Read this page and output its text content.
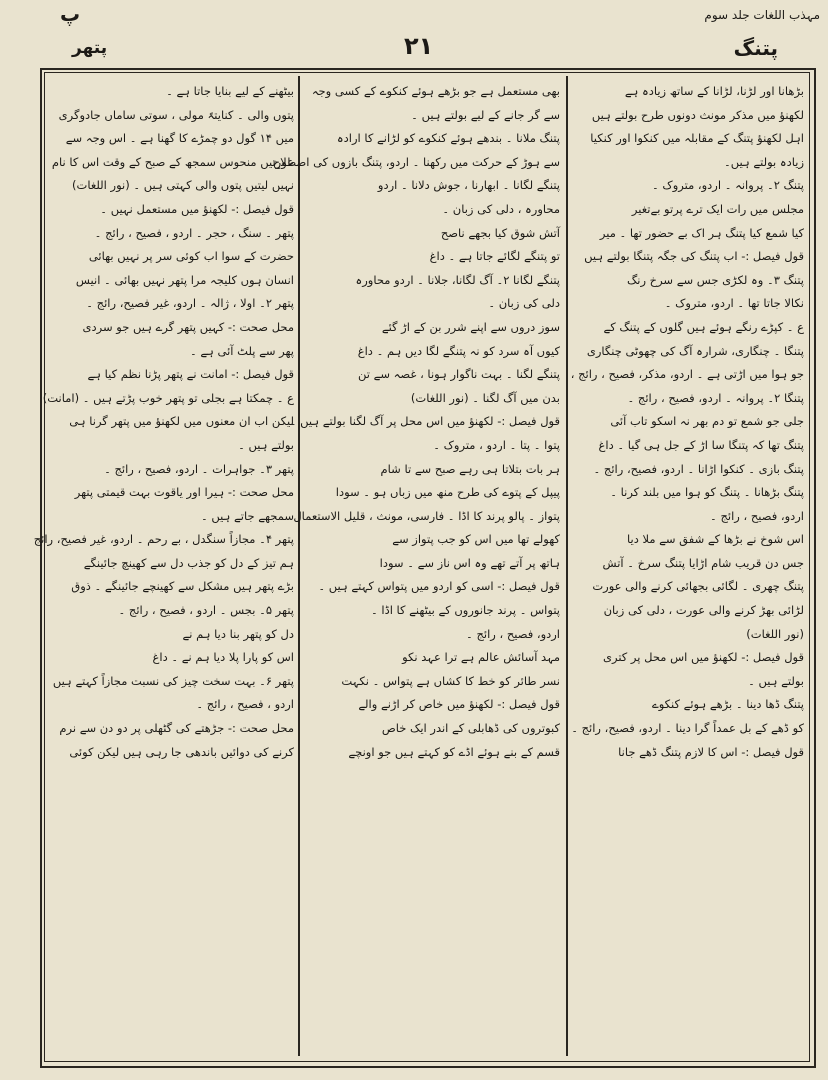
پ	مہذب اللغات جلد سوم
پتھر	۲۱	پتنگ
بڑھانا اور لڑنا، لڑانا کے ساتھ زیادہ ہے
لکھنؤ میں مذکر مونث دونوں طرح بولتے ہیں
اہل لکھنؤ پتنگ کے مقابلہ میں کنکوا اور کنکیا
زیادہ بولتے ہیں۔
پتنگ ۲۔ پروانہ ۔ اردو، متروک ۔
مجلس میں رات ایک ترے پرتو بےتغیر
کیا شمع کیا پتنگ ہر اک بے حضور تھا ۔ میر
قول فیصل :- اب پتنگ کی جگہ پتنگا بولتے ہیں
پتنگ ۳۔ وہ لکڑی جس سے سرخ رنگ
نکالا جاتا تھا ۔ اردو، متروک ۔
ع ۔ کپڑے رنگے ہوئے ہیں گلوں کے پتنگ کے
پتنگا ۔ چنگاری، شرارہ آگ کی چھوٹی چنگاری
جو ہوا میں اڑتی ہے ۔ اردو، مذکر، فصیح ، رائج ،
پتنگا ۲۔ پروانہ ۔ اردو، فصیح ، رائج ۔
جلی جو شمع تو دم بھر نہ اسکو تاب آئی
پتنگ تھا کہ پتنگا سا اڑ کے جل ہی گیا ۔ داغ
پتنگ بازی ۔ کنکوا اڑانا ۔ اردو، فصیح، رائج ۔
پتنگ بڑھانا ۔ پتنگ کو ہوا میں بلند کرنا ۔
اردو، فصیح ، رائج ۔
اس شوخ نے بڑھا کے شفق سے ملا دیا
جس دن قریب شام اڑایا پتنگ سرخ ۔ آتش
پتنگ چھری ۔ لگائی بجھائی کرنے والی عورت
لڑائی بھڑ کرنے والی عورت ، دلی کی زبان
(نور اللغات)
قول فیصل :- لکھنؤ میں اس محل پر کتری
بولتے ہیں ۔
پتنگ ڈھا دینا ۔ بڑھے ہوئے کنکوے
کو ڈھے کے بل عمداً گرا دینا ۔ اردو، فصیح، رائج ۔
قول فیصل :- اس کا لازم پتنگ ڈھے جانا
بھی مستعمل ہے جو بڑھے ہوئے کنکوے کے کسی وجہ
سے گر جانے کے لیے بولتے ہیں ۔
پتنگ ملانا ۔ بندھے ہوئے کنکوے کو لڑانے کا ارادہ
سے ہوڑ کے حرکت میں رکھنا ۔ اردو، پتنگ بازوں کی اصطلاح
پتنگے لگانا ۔ ابھارنا ، جوش دلانا ۔ اردو
محاورہ ، دلی کی زبان ۔
آتش شوق کیا بجھے ناصح
تو پتنگے لگائے جاتا ہے ۔ داغ
پتنگے لگانا ۲۔ آگ لگانا، جلانا ۔ اردو محاورہ
دلی کی زبان ۔
سوز دروں سے اپنے شرر بن کے اڑ گئے
کیوں آہ سرد کو نہ پتنگے لگا دیں ہم ۔ داغ
پتنگے لگنا ۔ بہت ناگوار ہونا ، غصہ سے تن
بدن میں آگ لگنا ۔ (نور اللغات)
قول فیصل :- لکھنؤ میں اس محل پر آگ لگنا بولتے ہیں ۔
پتوا ۔ پتا ۔ اردو ، متروک ۔
ہر بات بتلاتا ہی رہے صبح سے تا شام
پیپل کے پتوے کی طرح منھ میں زباں ہو ۔ سودا
پتواز ۔ پالو پرند کا اڈا ۔ فارسی، مونث ، قلیل الاستعمال
کھولے تھا میں اس کو جب پتواز سے
ہاتھ پر آتے تھے وہ اس ناز سے ۔ سودا
قول فیصل :- اسی کو اردو میں پتواس کہتے ہیں ۔
پتواس ۔ پرند جانوروں کے بیٹھنے کا اڈا ۔
اردو، فصیح ، رائج ۔
مہد آسائش عالم ہے ترا عہد نکو
نسر طائر کو خط کا کشاں ہے پتواس ۔ نکہت
قول فیصل :- لکھنؤ میں خاص کر اڑنے والے
کبوتروں کی ڈھابلی کے اندر ایک خاص
قسم کے بنے ہوئے اڈے کو کہتے ہیں جو اونچے
بیٹھنے کے لیے بنایا جاتا ہے ۔
پتوں والی ۔ کنایتہً مولی ، سوتی ساماں جادوگری
میں ۱۴ گول دو چمڑے کا گھنا ہے ۔ اس وجہ سے
عورتیں منحوس سمجھ کے صبح کے وقت اس کا نام
نہیں لیتیں پتوں والی کہتی ہیں ۔ (نور اللغات)
قول فیصل :- لکھنؤ میں مستعمل نہیں ۔
پتھر ۔ سنگ ، حجر ۔ اردو ، فصیح ، رائج ۔
حضرت کے سوا اب کوئی سر پر نہیں بھائی
انسان ہوں کلیجہ مرا پتھر نہیں بھائی ۔ انیس
پتھر ۲۔ اولا ، ژالہ ۔ اردو، غیر فصیح، رائج ۔
محل صحت :- کہیں پتھر گرے ہیں جو سردی
پھر سے پلٹ آئی ہے ۔
قول فیصل :- امانت نے پتھر پڑنا نظم کیا ہے
ع ۔ چمکتا ہے بجلی تو پتھر خوب پڑتے ہیں ۔ (امانت)
لیکن اب ان معنوں میں لکھنؤ میں پتھر گرنا ہی
بولتے ہیں ۔
پتھر ۳۔ جواہرات ۔ اردو، فصیح ، رائج ۔
محل صحت :- ہیرا اور یاقوت بہت قیمتی پتھر
سمجھے جاتے ہیں ۔
پتھر ۴۔ مجازاً سنگدل ، بے رحم ۔ اردو، غیر فصیح، رائج
ہم تیز کے دل کو جذب دل سے کھینچ جائینگے
بڑے پتھر ہیں مشکل سے کھینچے جائینگے ۔ ذوق
پتھر ۵۔ بجس ۔ اردو ، فصیح ، رائج ۔
دل کو پتھر بنا دیا ہم نے
اس کو پارا پلا دیا ہم نے ۔ داغ
پتھر ۶۔ بہت سخت چیز کی نسبت مجازاً کہتے ہیں
اردو ، فصیح ، رائج ۔
محل صحت :- جڑھتے کی گٹھلی پر دو دن سے نرم
کرنے کی دوائیں باندھی جا رہی ہیں لیکن کوئی
